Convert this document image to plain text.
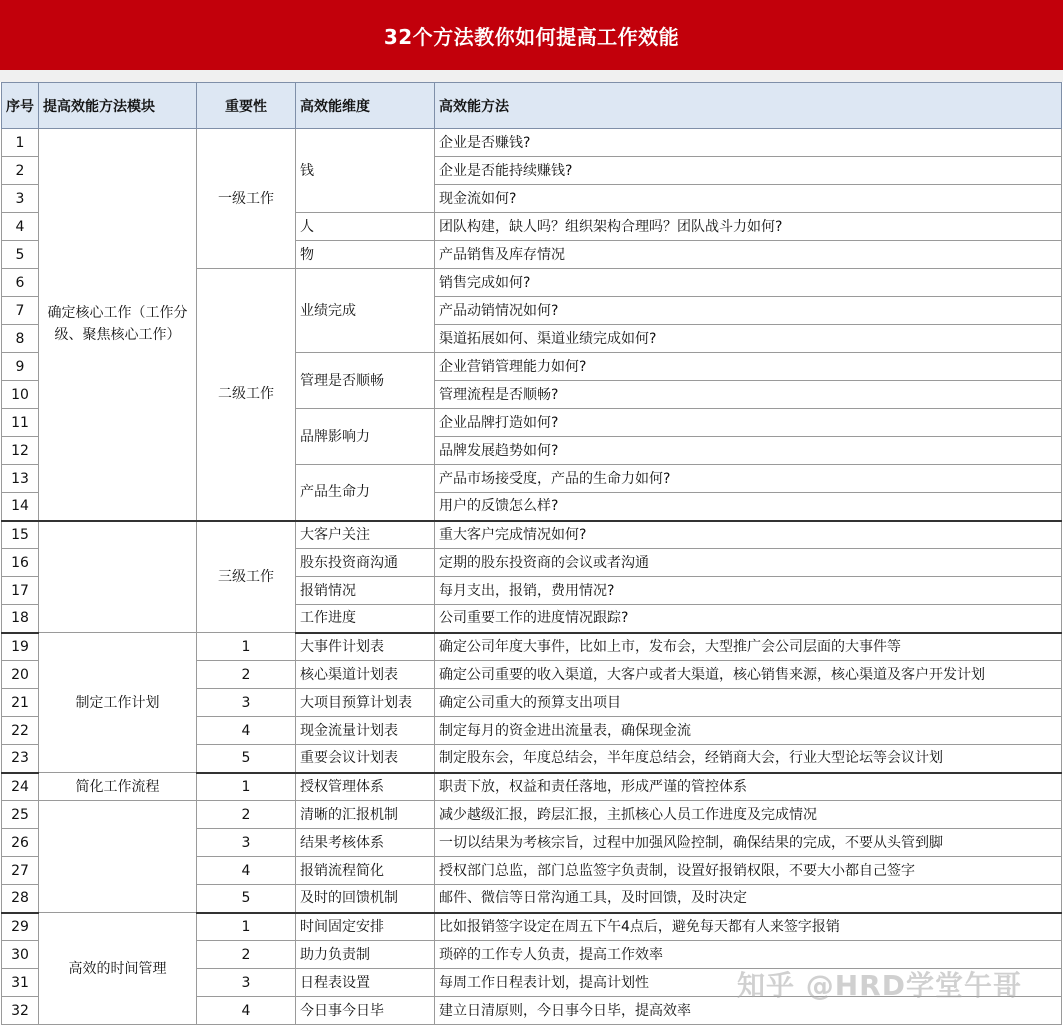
32个方法教你如何提高工作效能
序号	提高效能方法模块	重要性	高效能维度	高效能方法
1	确定核心工作（工作分级、聚焦核心工作）	一级工作	钱	企业是否赚钱?
2				企业是否能持续赚钱?
3				现金流如何?
4			人	团队构建，缺人吗？组织架构合理吗？团队战斗力如何?
5			物	产品销售及库存情况
6		二级工作	业绩完成	销售完成如何?
7				产品动销情况如何?
8				渠道拓展如何、渠道业绩完成如何?
9			管理是否顺畅	企业营销管理能力如何?
10				管理流程是否顺畅?
11			品牌影响力	企业品牌打造如何?
12				品牌发展趋势如何?
13			产品生命力	产品市场接受度，产品的生命力如何?
14				用户的反馈怎么样?
15		三级工作	大客户关注	重大客户完成情况如何?
16			股东投资商沟通	定期的股东投资商的会议或者沟通
17			报销情况	每月支出，报销，费用情况?
18			工作进度	公司重要工作的进度情况跟踪?
19	制定工作计划	1	大事件计划表	确定公司年度大事件，比如上市，发布会，大型推广会公司层面的大事件等
20		2	核心渠道计划表	确定公司重要的收入渠道，大客户或者大渠道，核心销售来源，核心渠道及客户开发计划
21		3	大项目预算计划表	确定公司重大的预算支出项目
22		4	现金流量计划表	制定每月的资金进出流量表，确保现金流
23		5	重要会议计划表	制定股东会，年度总结会，半年度总结会，经销商大会，行业大型论坛等会议计划
24	简化工作流程	1	授权管理体系	职责下放，权益和责任落地，形成严谨的管控体系
25		2	清晰的汇报机制	减少越级汇报，跨层汇报，主抓核心人员工作进度及完成情况
26		3	结果考核体系	一切以结果为考核宗旨，过程中加强风险控制，确保结果的完成，不要从头管到脚
27		4	报销流程简化	授权部门总监，部门总监签字负责制，设置好报销权限，不要大小都自己签字
28		5	及时的回馈机制	邮件、微信等日常沟通工具，及时回馈，及时决定
29	高效的时间管理	1	时间固定安排	比如报销签字设定在周五下午4点后，避免每天都有人来签字报销
30		2	助力负责制	琐碎的工作专人负责，提高工作效率
31		3	日程表设置	每周工作日程表计划，提高计划性
32		4	今日事今日毕	建立日清原则，今日事今日毕，提高效率
知乎 @HRD学堂午哥
